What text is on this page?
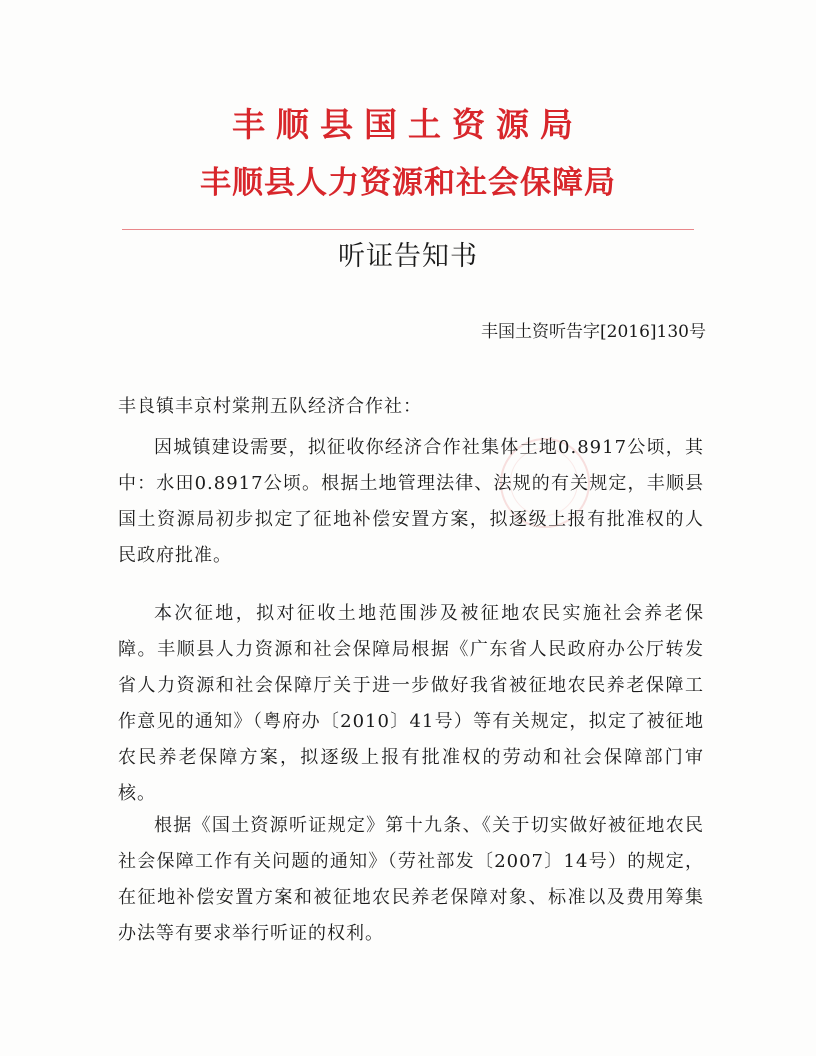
丰顺县国土资源局
丰顺县人力资源和社会保障局
听证告知书
丰国土资听告字[2016]130号
丰良镇丰京村棠荆五队经济合作社：

因城镇建设需要，拟征收你经济合作社集体土地0.8917公顷，其中：水田0.8917公顷。根据土地管理法律、法规的有关规定，丰顺县国土资源局初步拟定了征地补偿安置方案，拟逐级上报有批准权的人民政府批准。

本次征地，拟对征收土地范围涉及被征地农民实施社会养老保障。丰顺县人力资源和社会保障局根据《广东省人民政府办公厅转发省人力资源和社会保障厅关于进一步做好我省被征地农民养老保障工作意见的通知》（粤府办〔2010〕41号）等有关规定，拟定了被征地农民养老保障方案，拟逐级上报有批准权的劳动和社会保障部门审核。

根据《国土资源听证规定》第十九条、《关于切实做好被征地农民社会保障工作有关问题的通知》（劳社部发〔2007〕14号）的规定，在征地补偿安置方案和被征地农民养老保障对象、标准以及费用筹集办法等有要求举行听证的权利。
